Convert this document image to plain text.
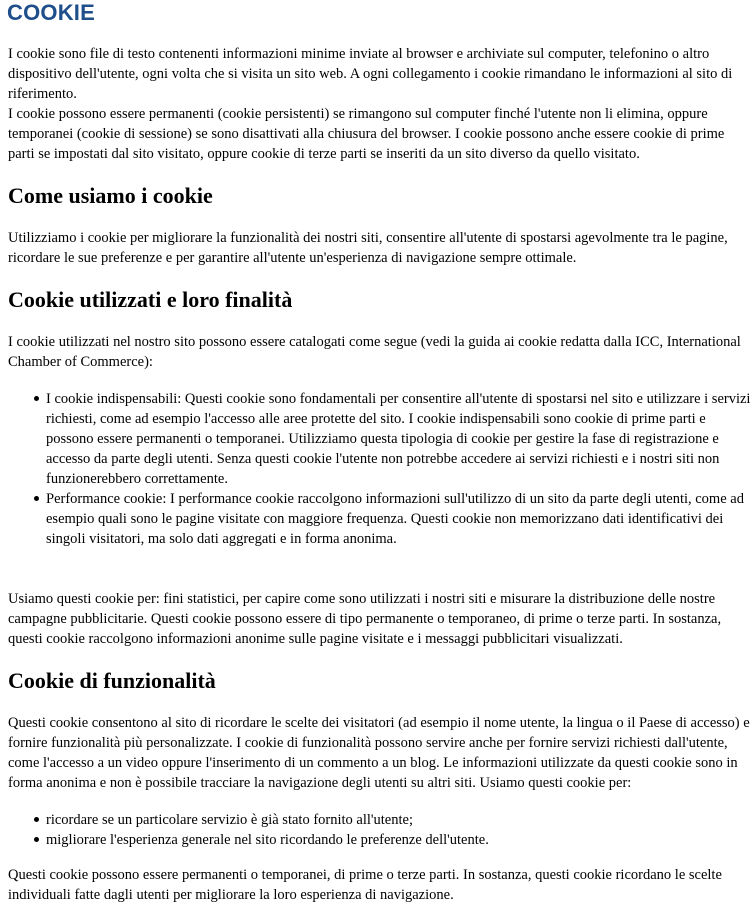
COOKIE

I cookie sono file di testo contenenti informazioni minime inviate al browser e archiviate sul computer, telefonino o altro dispositivo dell'utente, ogni volta che si visita un sito web. A ogni collegamento i cookie rimandano le informazioni al sito di riferimento.

I cookie possono essere permanenti (cookie persistenti) se rimangono sul computer finché l'utente non li elimina, oppure temporanei (cookie di sessione) se sono disattivati alla chiusura del browser. I cookie possono anche essere cookie di prime parti se impostati dal sito visitato, oppure cookie di terze parti se inseriti da un sito diverso da quello visitato.

Come usiamo i cookie

Utilizziamo i cookie per migliorare la funzionalità dei nostri siti, consentire all'utente di spostarsi agevolmente tra le pagine, ricordare le sue preferenze e per garantire all'utente un'esperienza di navigazione sempre ottimale.

Cookie utilizzati e loro finalità

I cookie utilizzati nel nostro sito possono essere catalogati come segue (vedi la guida ai cookie redatta dalla ICC, International Chamber of Commerce):

I cookie indispensabili: Questi cookie sono fondamentali per consentire all'utente di spostarsi nel sito e utilizzare i servizi richiesti, come ad esempio l'accesso alle aree protette del sito. I cookie indispensabili sono cookie di prime parti e possono essere permanenti o temporanei. Utilizziamo questa tipologia di cookie per gestire la fase di registrazione e accesso da parte degli utenti. Senza questi cookie l'utente non potrebbe accedere ai servizi richiesti e i nostri siti non funzionerebbero correttamente.
Performance cookie: I performance cookie raccolgono informazioni sull'utilizzo di un sito da parte degli utenti, come ad esempio quali sono le pagine visitate con maggiore frequenza. Questi cookie non memorizzano dati identificativi dei singoli visitatori, ma solo dati aggregati e in forma anonima.

Usiamo questi cookie per: fini statistici, per capire come sono utilizzati i nostri siti e misurare la distribuzione delle nostre campagne pubblicitarie. Questi cookie possono essere di tipo permanente o temporaneo, di prime o terze parti. In sostanza, questi cookie raccolgono informazioni anonime sulle pagine visitate e i messaggi pubblicitari visualizzati.

Cookie di funzionalità

Questi cookie consentono al sito di ricordare le scelte dei visitatori (ad esempio il nome utente, la lingua o il Paese di accesso) e fornire funzionalità più personalizzate. I cookie di funzionalità possono servire anche per fornire servizi richiesti dall'utente, come l'accesso a un video oppure l'inserimento di un commento a un blog. Le informazioni utilizzate da questi cookie sono in forma anonima e non è possibile tracciare la navigazione degli utenti su altri siti. Usiamo questi cookie per:

ricordare se un particolare servizio è già stato fornito all'utente;
migliorare l'esperienza generale nel sito ricordando le preferenze dell'utente.

Questi cookie possono essere permanenti o temporanei, di prime o terze parti. In sostanza, questi cookie ricordano le scelte individuali fatte dagli utenti per migliorare la loro esperienza di navigazione.
